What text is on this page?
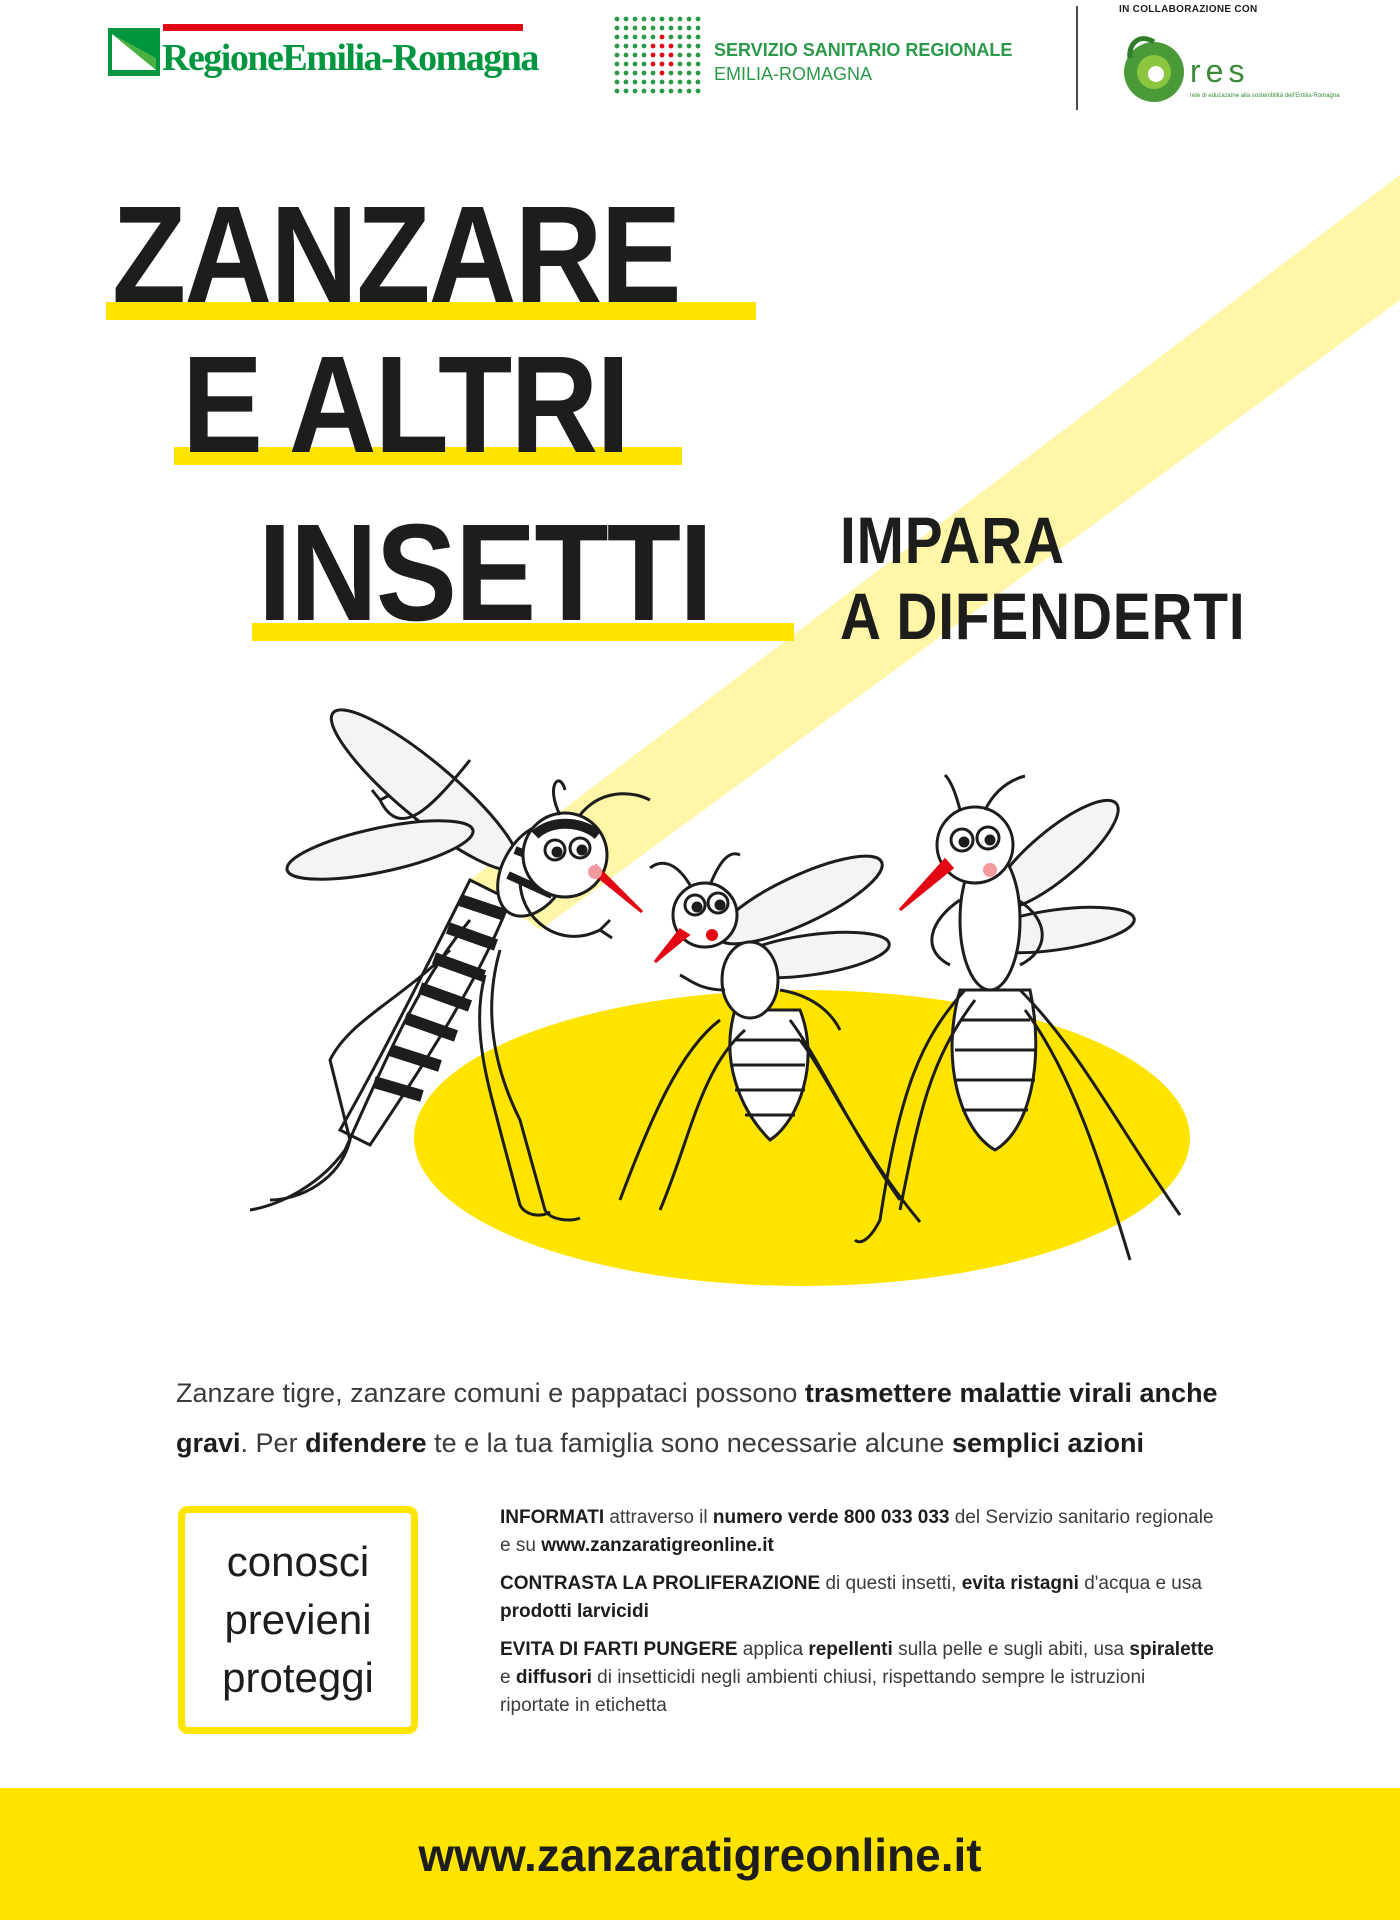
RegioneEmilia-Romagna	SERVIZIO SANITARIO REGIONALE
EMILIA-ROMAGNA
IN COLLABORAZIONE CON
res
rete di educazione alla sostenibilità dell'Emilia-Romagna
ZANZARE
E ALTRI
INSETTI IMPARA
A DIFENDERTI
Zanzare tigre, zanzare comuni e pappataci possono trasmettere malattie virali anche gravi. Per difendere te e la tua famiglia sono necessarie alcune semplici azioni
conosci
previeni
proteggi

INFORMATI attraverso il numero verde 800 033 033 del Servizio sanitario regionale e su www.zanzaratigreonline.it

CONTRASTA LA PROLIFERAZIONE di questi insetti, evita ristagni d'acqua e usa prodotti larvicidi

EVITA DI FARTI PUNGERE applica repellenti sulla pelle e sugli abiti, usa spiralette e diffusori di insetticidi negli ambienti chiusi, rispettando sempre le istruzioni riportate in etichetta

www.zanzaratigreonline.it
